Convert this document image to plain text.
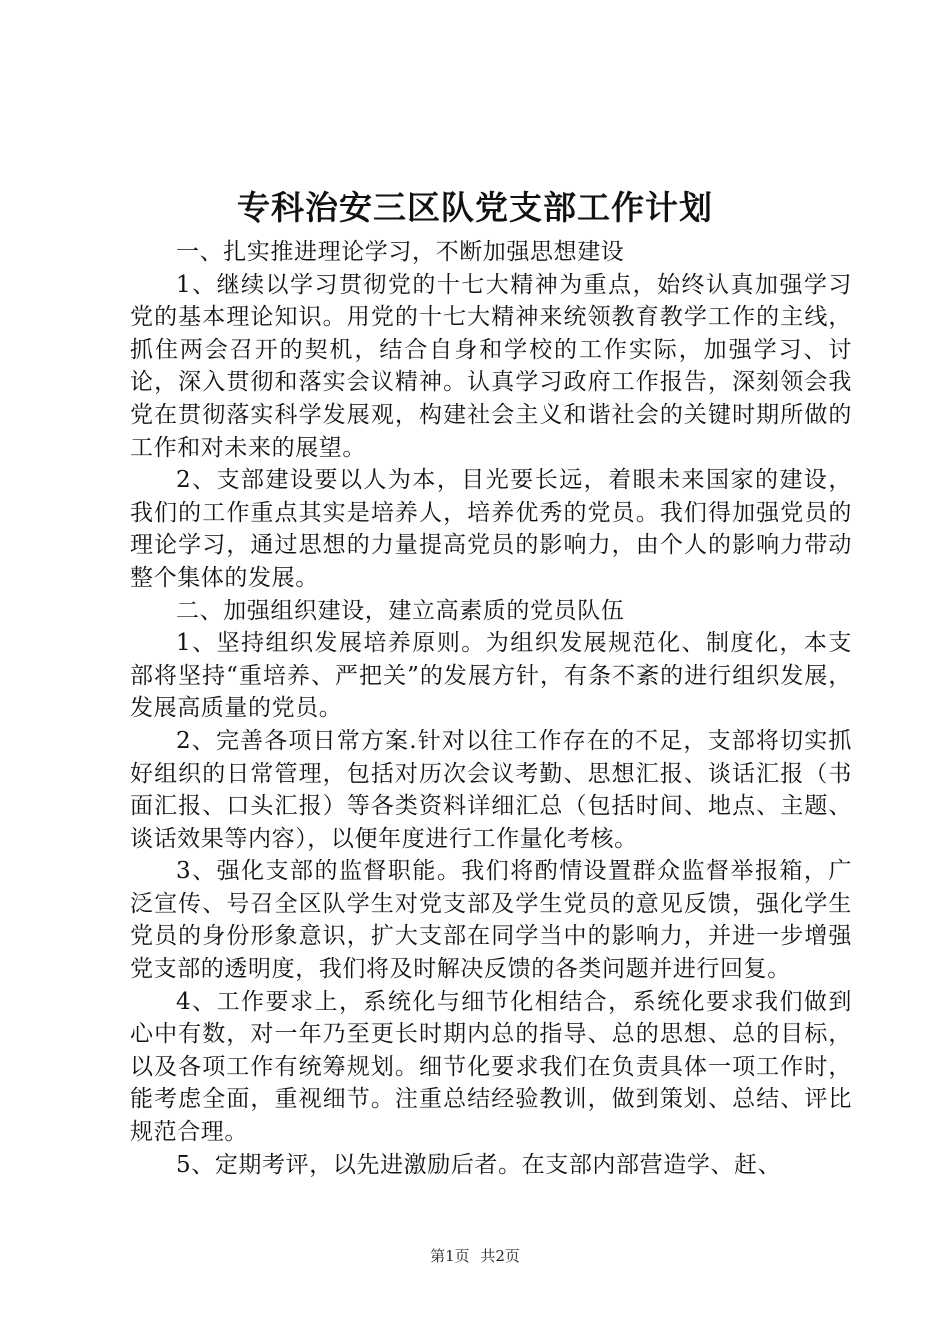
专科治安三区队党支部工作计划

一、扎实推进理论学习，不断加强思想建设

1、继续以学习贯彻党的十七大精神为重点，始终认真加强学习党的基本理论知识。用党的十七大精神来统领教育教学工作的主线，抓住两会召开的契机，结合自身和学校的工作实际，加强学习、讨论，深入贯彻和落实会议精神。认真学习政府工作报告，深刻领会我党在贯彻落实科学发展观，构建社会主义和谐社会的关键时期所做的工作和对未来的展望。

2、支部建设要以人为本，目光要长远，着眼未来国家的建设，我们的工作重点其实是培养人，培养优秀的党员。我们得加强党员的理论学习，通过思想的力量提高党员的影响力，由个人的影响力带动整个集体的发展。

二、加强组织建设，建立高素质的党员队伍

1、坚持组织发展培养原则。为组织发展规范化、制度化，本支部将坚持“重培养、严把关”的发展方针，有条不紊的进行组织发展，发展高质量的党员。

2、完善各项日常方案.针对以往工作存在的不足，支部将切实抓好组织的日常管理，包括对历次会议考勤、思想汇报、谈话汇报（书面汇报、口头汇报）等各类资料详细汇总（包括时间、地点、主题、谈话效果等内容），以便年度进行工作量化考核。

3、强化支部的监督职能。我们将酌情设置群众监督举报箱，广泛宣传、号召全区队学生对党支部及学生党员的意见反馈，强化学生党员的身份形象意识，扩大支部在同学当中的影响力，并进一步增强党支部的透明度，我们将及时解决反馈的各类问题并进行回复。

4、工作要求上，系统化与细节化相结合，系统化要求我们做到心中有数，对一年乃至更长时期内总的指导、总的思想、总的目标，以及各项工作有统筹规划。细节化要求我们在负责具体一项工作时，能考虑全面，重视细节。注重总结经验教训，做到策划、总结、评比规范合理。

5、定期考评，以先进激励后者。在支部内部营造学、赶、

第1页 共2页
